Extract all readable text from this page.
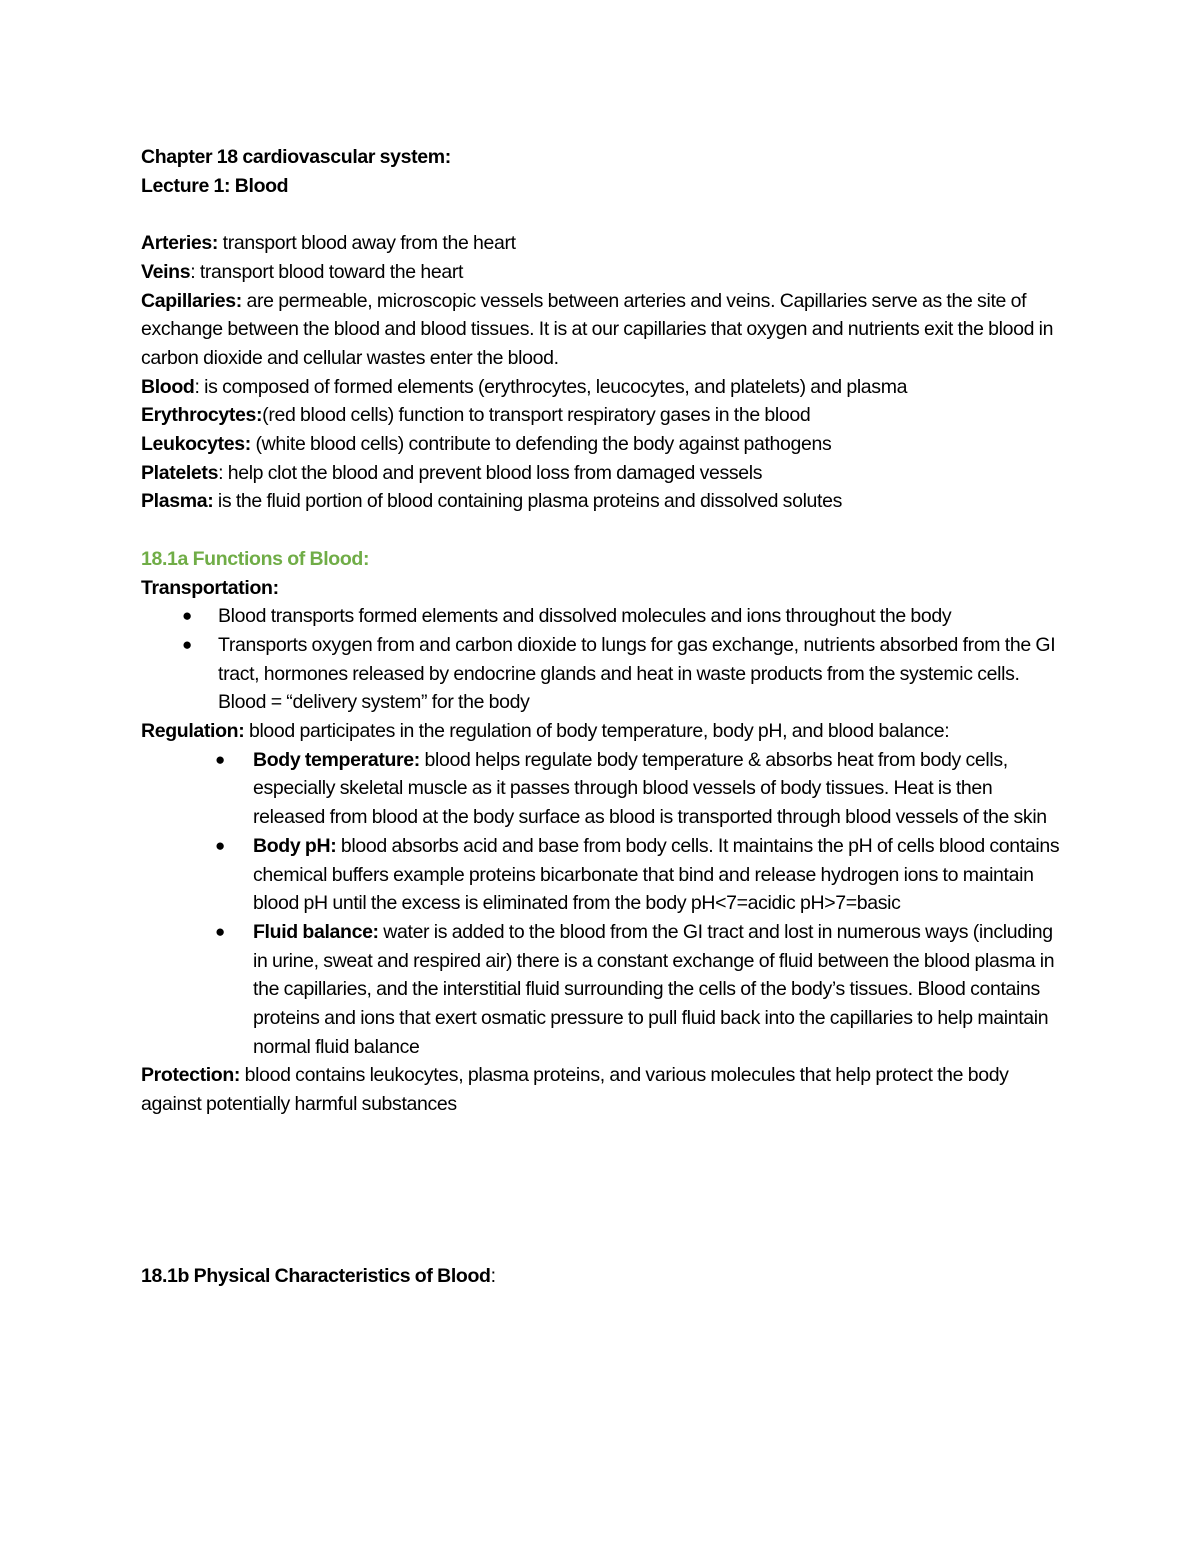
Chapter 18 cardiovascular system:

Lecture 1: Blood

Arteries: transport blood away from the heart

Veins: transport blood toward the heart

Capillaries: are permeable, microscopic vessels between arteries and veins. Capillaries serve as the site of exchange between the blood and blood tissues. It is at our capillaries that oxygen and nutrients exit the blood in carbon dioxide and cellular wastes enter the blood.

Blood: is composed of formed elements (erythrocytes, leucocytes, and platelets) and plasma

Erythrocytes:(red blood cells) function to transport respiratory gases in the blood

Leukocytes: (white blood cells) contribute to defending the body against pathogens

Platelets: help clot the blood and prevent blood loss from damaged vessels

Plasma: is the fluid portion of blood containing plasma proteins and dissolved solutes

18.1a Functions of Blood:

Transportation:

● Blood transports formed elements and dissolved molecules and ions throughout the body
● Transports oxygen from and carbon dioxide to lungs for gas exchange, nutrients absorbed from the GI tract, hormones released by endocrine glands and heat in waste products from the systemic cells. Blood = “delivery system” for the body

Regulation: blood participates in the regulation of body temperature, body pH, and blood balance:

● Body temperature: blood helps regulate body temperature & absorbs heat from body cells, especially skeletal muscle as it passes through blood vessels of body tissues. Heat is then released from blood at the body surface as blood is transported through blood vessels of the skin
● Body pH: blood absorbs acid and base from body cells. It maintains the pH of cells blood contains chemical buffers example proteins bicarbonate that bind and release hydrogen ions to maintain blood pH until the excess is eliminated from the body pH<7=acidic pH>7=basic
● Fluid balance: water is added to the blood from the GI tract and lost in numerous ways (including in urine, sweat and respired air) there is a constant exchange of fluid between the blood plasma in the capillaries, and the interstitial fluid surrounding the cells of the body’s tissues. Blood contains proteins and ions that exert osmatic pressure to pull fluid back into the capillaries to help maintain normal fluid balance

Protection: blood contains leukocytes, plasma proteins, and various molecules that help protect the body against potentially harmful substances

18.1b Physical Characteristics of Blood:
